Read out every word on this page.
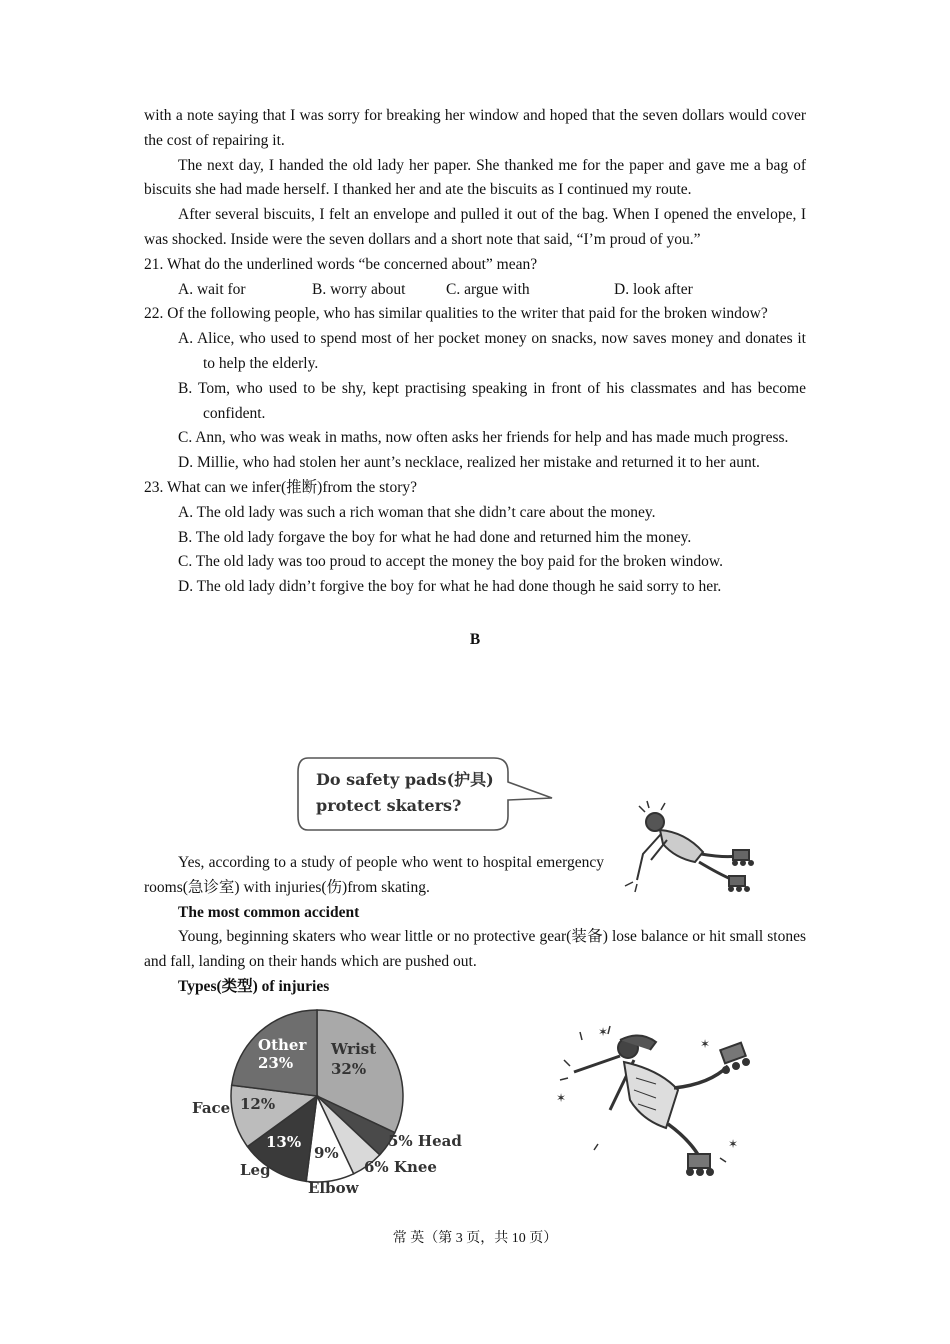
with a note saying that I was sorry for breaking her window and hoped that the seven dollars would cover the cost of repairing it.

The next day, I handed the old lady her paper. She thanked me for the paper and gave me a bag of biscuits she had made herself. I thanked her and ate the biscuits as I continued my route.

After several biscuits, I felt an envelope and pulled it out of the bag. When I opened the envelope, I was shocked. Inside were the seven dollars and a short note that said, “I’m proud of you.”

21. What do the underlined words “be concerned about” mean?

A. wait for	B. worry about	C. argue with	D. look after

22. Of the following people, who has similar qualities to the writer that paid for the broken window?

A. Alice, who used to spend most of her pocket money on snacks, now saves money and donates it to help the elderly.

B. Tom, who used to be shy, kept practising speaking in front of his classmates and has become confident.

C. Ann, who was weak in maths, now often asks her friends for help and has made much progress.

D. Millie, who had stolen her aunt’s necklace, realized her mistake and returned it to her aunt.

23. What can we infer(推断)from the story?

A. The old lady was such a rich woman that she didn’t care about the money.

B. The old lady forgave the boy for what he had done and returned him the money.

C. The old lady was too proud to accept the money the boy paid for the broken window.

D. The old lady didn’t forgive the boy for what he had done though he said sorry to her.

B
Do safety pads(护具)
protect skaters?

Yes, according to a study of people who went to hospital emergency rooms(急诊室) with injuries(伤)from skating.

The most common accident

Young, beginning skaters who wear little or no protective gear(装备) lose balance or hit small stones and fall, landing on their hands which are pushed out.

Types(类型) of injuries

Wrist
32%
Other
23%
Face 12%
13%
Leg
9%
Elbow
6% Knee
5% Head
✶
✶
✶
✶
常 英（第 3 页，共 10 页）
